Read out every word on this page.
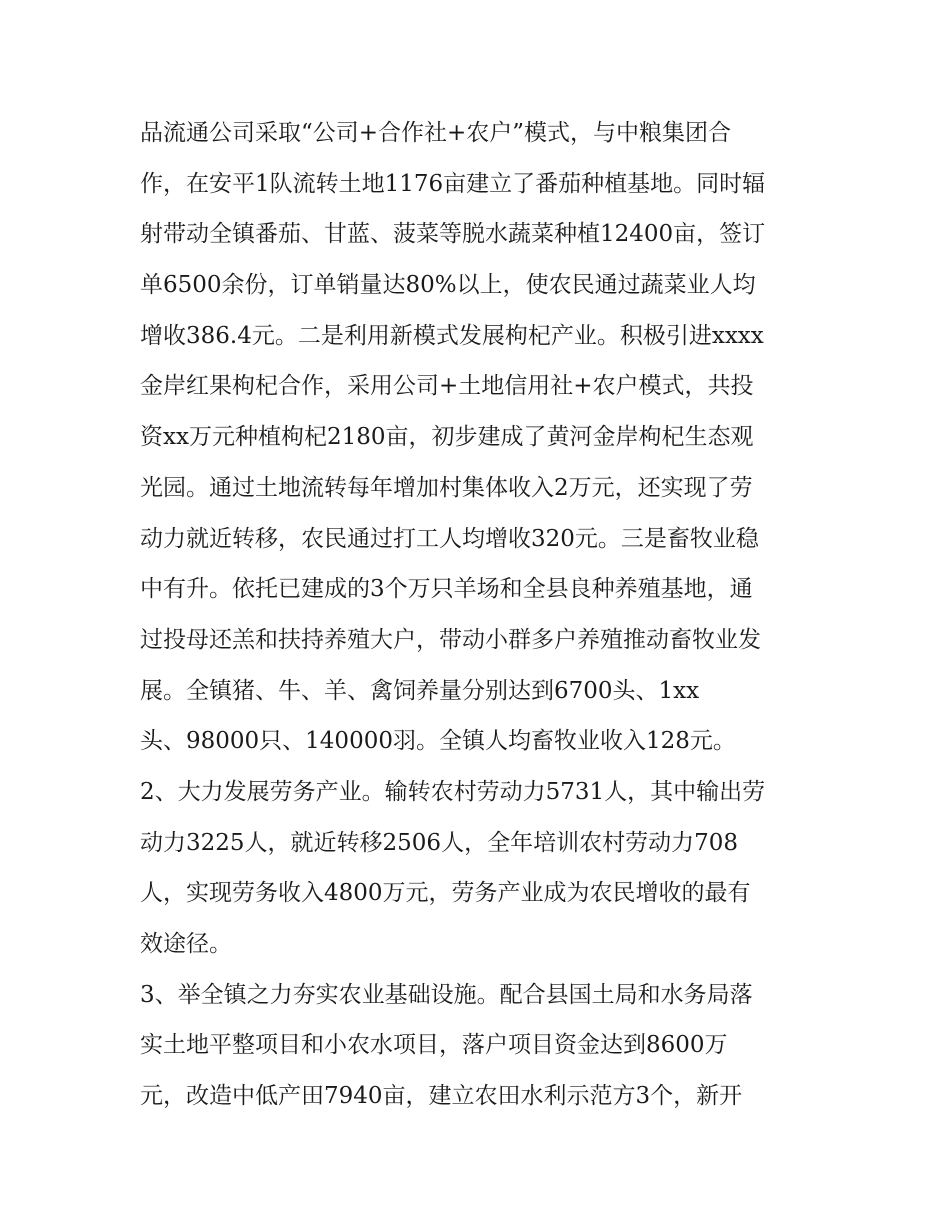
品流通公司采取“公司+合作社+农户”模式，与中粮集团合
作，在安平1队流转土地1176亩建立了番茄种植基地。同时辐
射带动全镇番茄、甘蓝、菠菜等脱水蔬菜种植12400亩，签订
单6500余份，订单销量达80%以上，使农民通过蔬菜业人均
增收386.4元。二是利用新模式发展枸杞产业。积极引进xxxx
金岸红果枸杞合作，采用公司+土地信用社+农户模式，共投
资xx万元种植枸杞2180亩，初步建成了黄河金岸枸杞生态观
光园。通过土地流转每年增加村集体收入2万元，还实现了劳
动力就近转移，农民通过打工人均增收320元。三是畜牧业稳
中有升。依托已建成的3个万只羊场和全县良种养殖基地，通
过投母还羔和扶持养殖大户，带动小群多户养殖推动畜牧业发
展。全镇猪、牛、羊、禽饲养量分别达到6700头、1xx
头、98000只、140000羽。全镇人均畜牧业收入128元。
2、大力发展劳务产业。输转农村劳动力5731人，其中输出劳
动力3225人，就近转移2506人，全年培训农村劳动力708
人，实现劳务收入4800万元，劳务产业成为农民增收的最有
效途径。
3、举全镇之力夯实农业基础设施。配合县国土局和水务局落
实土地平整项目和小农水项目，落户项目资金达到8600万
元，改造中低产田7940亩，建立农田水利示范方3个，新开
